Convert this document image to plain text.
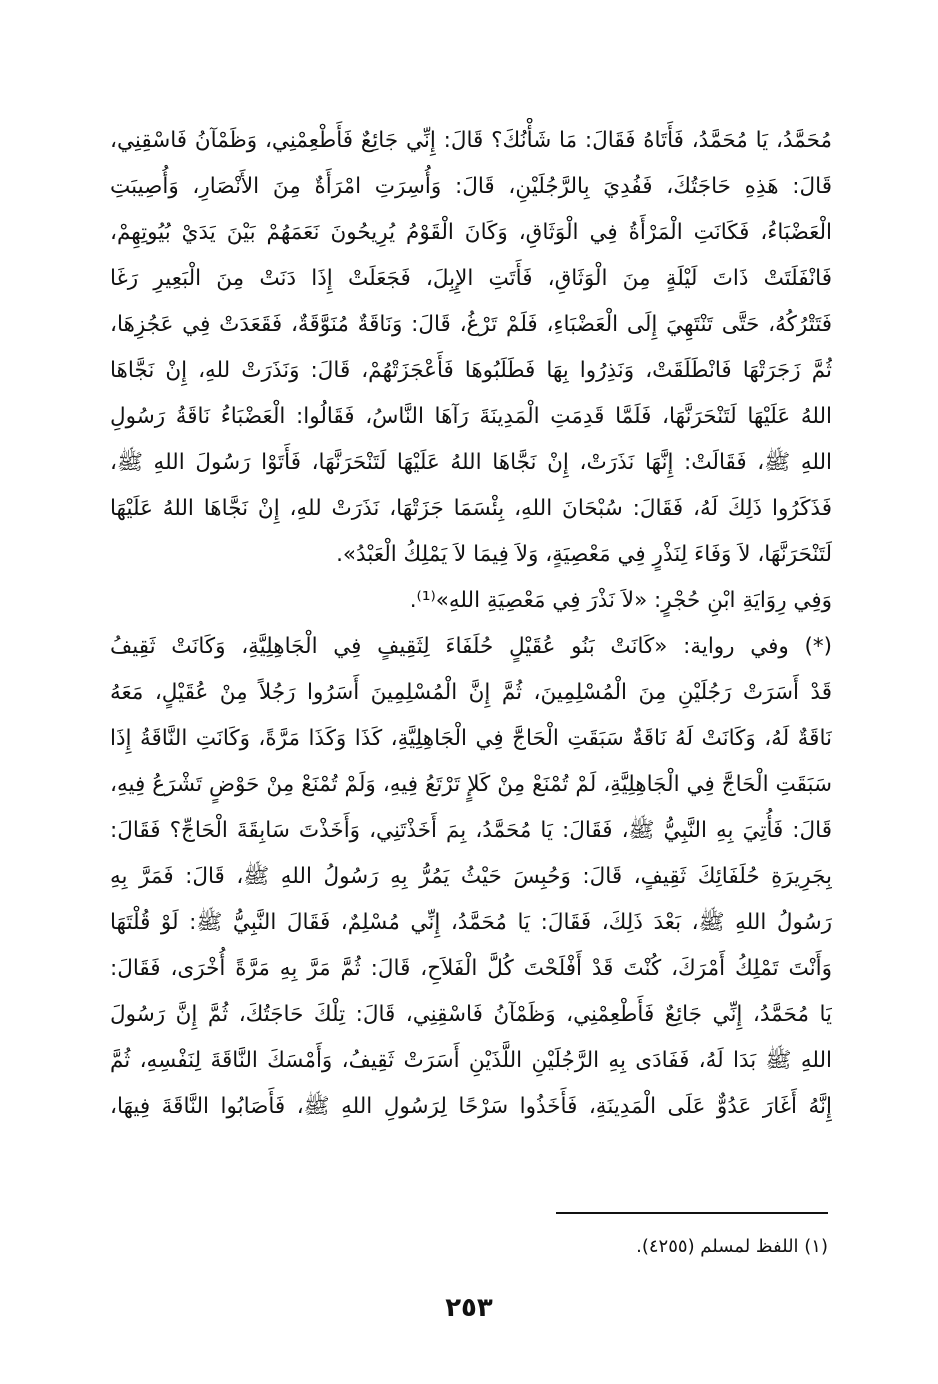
مُحَمَّدُ، يَا مُحَمَّدُ، فَأَتَاهُ فَقَالَ: مَا شَأْنُكَ؟ قَالَ: إِنِّي جَائِعٌ فَأَطْعِمْنِي، وَظَمْآنُ فَاسْقِنِي،
قَالَ: هَذِهِ حَاجَتُكَ، فَفُدِيَ بِالرَّجُلَيْنِ، قَالَ: وَأُسِرَتِ امْرَأَةٌ مِنَ الأَنْصَارِ، وَأُصِيبَتِ
الْعَضْبَاءُ، فَكَانَتِ الْمَرْأَةُ فِي الْوَثَاقِ، وَكَانَ الْقَوْمُ يُرِيحُونَ نَعَمَهُمْ بَيْنَ يَدَيْ بُيُوتِهِمْ،
فَانْفَلَتَتْ ذَاتَ لَيْلَةٍ مِنَ الْوَثَاقِ، فَأَتَتِ الإِبِلَ، فَجَعَلَتْ إِذَا دَنَتْ مِنَ الْبَعِيرِ رَغَا
فَتَتْرُكُهُ، حَتَّى تَنْتَهِيَ إِلَى الْعَضْبَاءِ، فَلَمْ تَرْغُ، قَالَ: وَنَاقَةٌ مُنَوَّقَةٌ، فَقَعَدَتْ فِي عَجُزِهَا،
ثُمَّ زَجَرَتْهَا فَانْطَلَقَتْ، وَنَذِرُوا بِهَا فَطَلَبُوهَا فَأَعْجَزَتْهُمْ، قَالَ: وَنَذَرَتْ للهِ، إِنْ نَجَّاهَا
اللهُ عَلَيْهَا لَتَنْحَرَنَّهَا، فَلَمَّا قَدِمَتِ الْمَدِينَةَ رَآهَا النَّاسُ، فَقَالُوا: الْعَضْبَاءُ نَاقَةُ رَسُولِ
اللهِ ﷺ، فَقَالَتْ: إِنَّهَا نَذَرَتْ، إِنْ نَجَّاهَا اللهُ عَلَيْهَا لَتَنْحَرَنَّهَا، فَأَتَوْا رَسُولَ اللهِ ﷺ،
فَذَكَرُوا ذَلِكَ لَهُ، فَقَالَ: سُبْحَانَ اللهِ، بِئْسَمَا جَزَتْهَا، نَذَرَتْ للهِ، إِنْ نَجَّاهَا اللهُ عَلَيْهَا
لَتَنْحَرَنَّهَا، لاَ وَفَاءَ لِنَذْرٍ فِي مَعْصِيَةٍ، وَلاَ فِيمَا لاَ يَمْلِكُ الْعَبْدُ».
وَفِي رِوَايَةِ ابْنِ حُجْرٍ: «لاَ نَذْرَ فِي مَعْصِيَةِ اللهِ»⁽¹⁾.
(*) وفي رواية: «كَانَتْ بَنُو عُقَيْلٍ حُلَفَاءَ لِثَقِيفٍ فِي الْجَاهِلِيَّةِ، وَكَانَتْ ثَقِيفُ
قَدْ أَسَرَتْ رَجُلَيْنِ مِنَ الْمُسْلِمِينَ، ثُمَّ إِنَّ الْمُسْلِمِينَ أَسَرُوا رَجُلاً مِنْ عُقَيْلٍ، مَعَهُ
نَاقَةٌ لَهُ، وَكَانَتْ لَهُ نَاقَةٌ سَبَقَتِ الْحَاجَّ فِي الْجَاهِلِيَّةِ، كَذَا وَكَذَا مَرَّةً، وَكَانَتِ النَّاقَةُ إِذَا
سَبَقَتِ الْحَاجَّ فِي الْجَاهِلِيَّةِ، لَمْ تُمْنَعْ مِنْ كَلإٍ تَرْتَعُ فِيهِ، وَلَمْ تُمْنَعْ مِنْ حَوْضٍ تَشْرَعُ فِيهِ،
قَالَ: فَأُتِيَ بِهِ النَّبِيُّ ﷺ، فَقَالَ: يَا مُحَمَّدُ، بِمَ أَخَذْتَنِي، وَأَخَذْتَ سَابِقَةَ الْحَاجِّ؟ فَقَالَ:
بِجَرِيرَةِ حُلَفَائِكَ ثَقِيفٍ، قَالَ: وَحُبِسَ حَيْثُ يَمُرُّ بِهِ رَسُولُ اللهِ ﷺ، قَالَ: فَمَرَّ بِهِ
رَسُولُ اللهِ ﷺ، بَعْدَ ذَلِكَ، فَقَالَ: يَا مُحَمَّدُ، إِنِّي مُسْلِمٌ، فَقَالَ النَّبِيُّ ﷺ: لَوْ قُلْتَهَا
وَأَنْتَ تَمْلِكُ أَمْرَكَ، كُنْتَ قَدْ أَفْلَحْتَ كُلَّ الْفَلاَحِ، قَالَ: ثُمَّ مَرَّ بِهِ مَرَّةً أُخْرَى، فَقَالَ:
يَا مُحَمَّدُ، إِنِّي جَائِعٌ فَأَطْعِمْنِي، وَظَمْآنُ فَاسْقِنِي، قَالَ: تِلْكَ حَاجَتُكَ، ثُمَّ إِنَّ رَسُولَ
اللهِ ﷺ بَدَا لَهُ، فَفَادَى بِهِ الرَّجُلَيْنِ اللَّذَيْنِ أَسَرَتْ ثَقِيفُ، وَأَمْسَكَ النَّاقَةَ لِنَفْسِهِ، ثُمَّ
إِنَّهُ أَغَارَ عَدُوٌّ عَلَى الْمَدِينَةِ، فَأَخَذُوا سَرْحًا لِرَسُولِ اللهِ ﷺ، فَأَصَابُوا النَّاقَةَ فِيهَا،
(١) اللفظ لمسلم (٤٢٥٥).
٢٥٣
